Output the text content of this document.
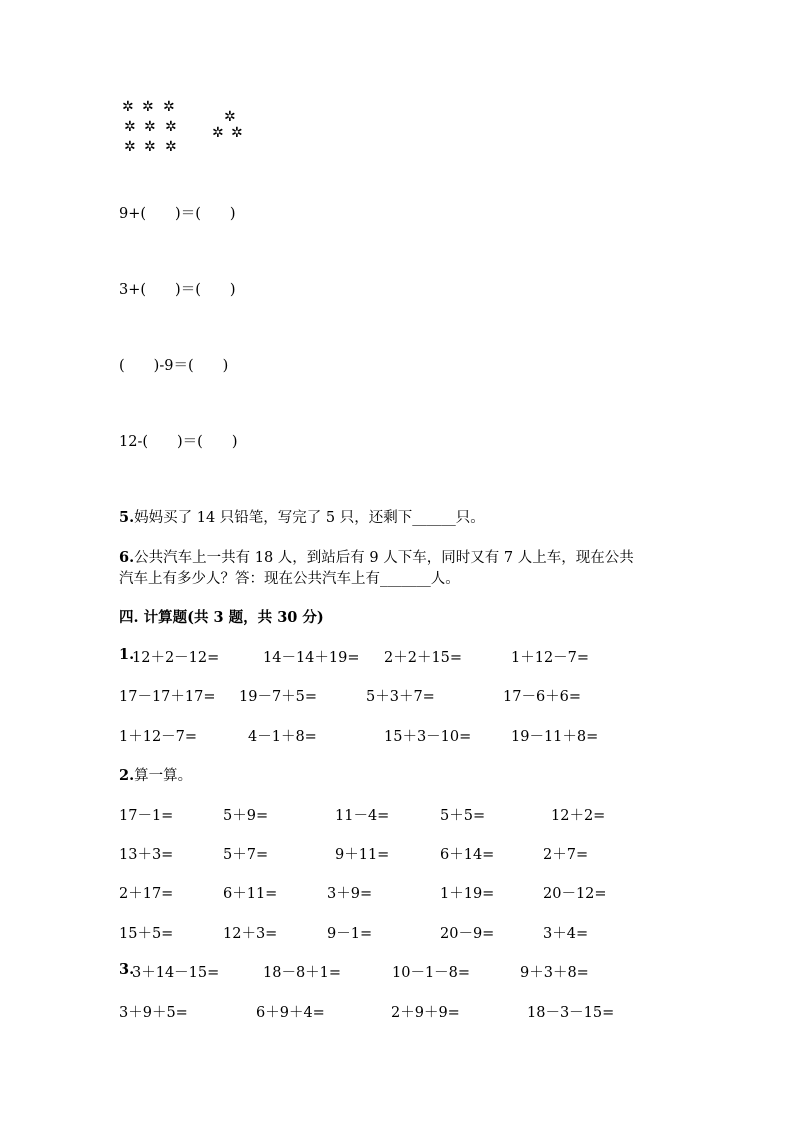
✲ ✲ ✲
✲ ✲ ✲
✲ ✲ ✲
✲
✲ ✲
9+(　　)＝(　　)
3+(　　)＝(　　)
(　　)-9＝(　　)
12-(　　)＝(　　)
5.妈妈买了 14 只铅笔，写完了 5 只，还剩下______只。
6.公共汽车上一共有 18 人，到站后有 9 人下车，同时又有 7 人上车，现在公共
汽车上有多少人？答：现在公共汽车上有_______人。
四. 计算题(共 3 题，共 30 分)
1.
12＋2－12=	14－14＋19= 2＋2＋15=	1＋12－7=
17－17＋17= 19－7＋5=	5＋3＋7=	17－6＋6=
1＋12－7=	4－1＋8=	15＋3－10=	19－11＋8=
2.算一算。
17－1=	5＋9=	11－4=	5＋5=	12＋2=
13＋3=	5＋7=	9＋11=	6＋14=	2＋7=
2＋17=	6＋11=	3＋9=	1＋19=	20－12=
15＋5=	12＋3=	9－1=	20－9=	3＋4=
3.
3＋14－15=	18－8＋1=	10－1－8=	9＋3＋8=
3＋9＋5=	6＋9＋4=	2＋9＋9=	18－3－15=
